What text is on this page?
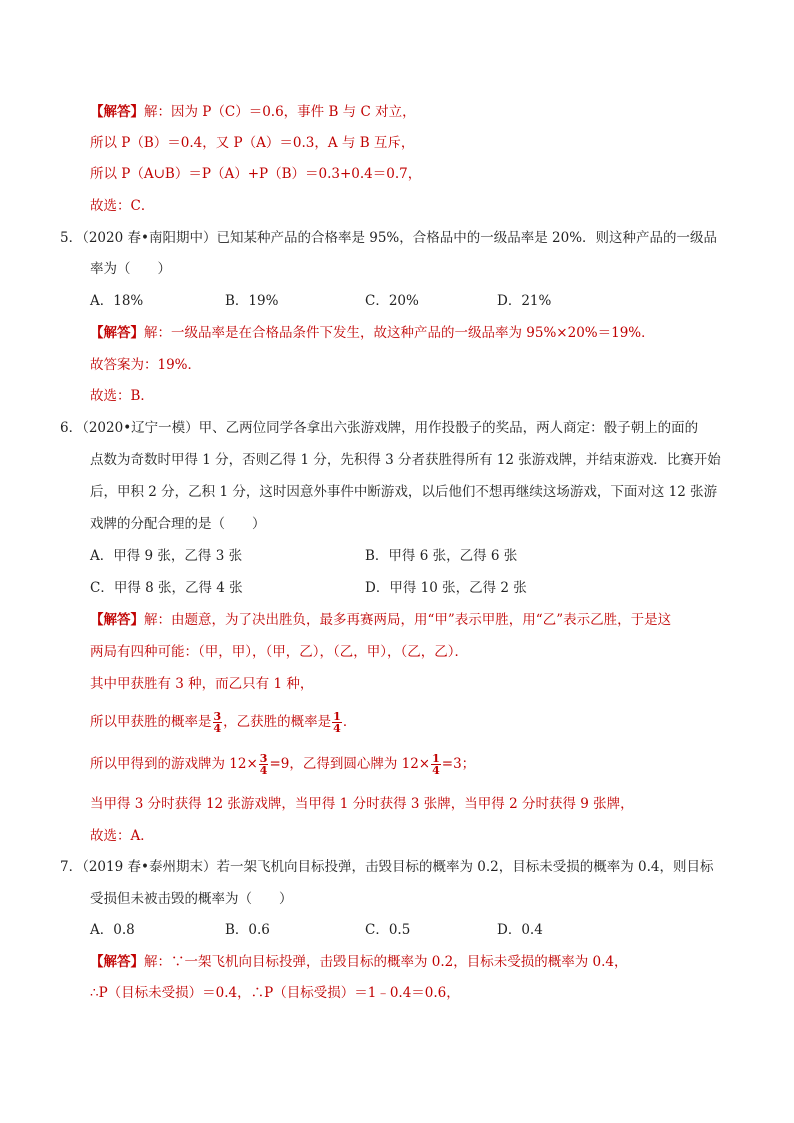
【解答】解：因为 P（C）＝0.6，事件 B 与 C 对立，
所以 P（B）＝0.4，又 P（A）＝0.3，A 与 B 互斥，
所以 P（A∪B）＝P（A）+P（B）＝0.3+0.4＝0.7，
故选：C．
5．（2020 春•南阳期中）已知某种产品的合格率是 95%，合格品中的一级品率是 20%．则这种产品的一级品
率为（　　）
A．18%	B．19%	C．20%	D．21%
【解答】解：一级品率是在合格品条件下发生，故这种产品的一级品率为 95%×20%＝19%．
故答案为：19%．
故选：B．
6．（2020•辽宁一模）甲、乙两位同学各拿出六张游戏牌，用作投骰子的奖品，两人商定：骰子朝上的面的
点数为奇数时甲得 1 分，否则乙得 1 分，先积得 3 分者获胜得所有 12 张游戏牌，并结束游戏．比赛开始
后，甲积 2 分，乙积 1 分，这时因意外事件中断游戏，以后他们不想再继续这场游戏，下面对这 12 张游
戏牌的分配合理的是（　　）
A．甲得 9 张，乙得 3 张	B．甲得 6 张，乙得 6 张
C．甲得 8 张，乙得 4 张	D．甲得 10 张，乙得 2 张
【解答】解：由题意，为了决出胜负，最多再赛两局，用“甲”表示甲胜，用“乙”表示乙胜，于是这
两局有四种可能：（甲，甲），（甲，乙），（乙，甲），（乙，乙）．
其中甲获胜有 3 种，而乙只有 1 种，
所以甲获胜的概率是 $\frac{3}{4}$ ，乙获胜的概率是 $\frac{1}{4}$ ．
所以甲得到的游戏牌为 $12\times \frac{3}{4} =9$，乙得到圆心牌为 $12\times \frac{1}{4} =3$；
当甲得 3 分时获得 12 张游戏牌，当甲得 1 分时获得 3 张牌，当甲得 2 分时获得 9 张牌，
故选：A．
7．（2019 春•泰州期末）若一架飞机向目标投弹，击毁目标的概率为 0.2，目标未受损的概率为 0.4，则目标
受损但未被击毁的概率为（　　）
A．0.8	B．0.6	C．0.5	D．0.4
【解答】解：∵一架飞机向目标投弹，击毁目标的概率为 0.2，目标未受损的概率为 0.4，
∴P（目标未受损）＝0.4，∴P（目标受损）＝1﹣0.4＝0.6，
